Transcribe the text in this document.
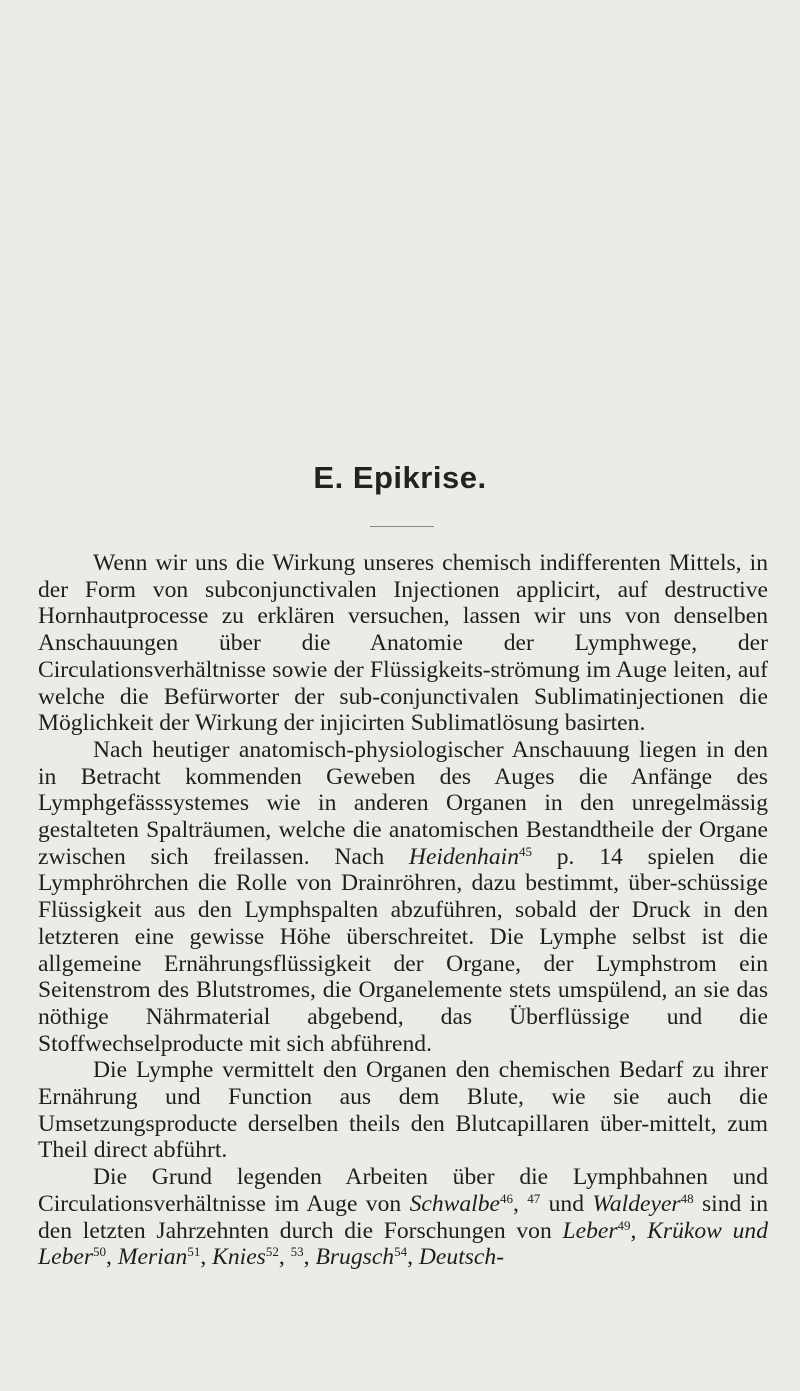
E. Epikrise.

Wenn wir uns die Wirkung unseres chemisch indifferenten Mittels, in der Form von subconjunctivalen Injectionen applicirt, auf destructive Hornhautprocesse zu erklären versuchen, lassen wir uns von denselben Anschauungen über die Anatomie der Lymphwege, der Circulationsverhältnisse sowie der Flüssigkeits-strömung im Auge leiten, auf welche die Befürworter der sub-conjunctivalen Sublimatinjectionen die Möglichkeit der Wirkung der injicirten Sublimatlösung basirten.

Nach heutiger anatomisch-physiologischer Anschauung liegen in den in Betracht kommenden Geweben des Auges die Anfänge des Lymphgefässsystemes wie in anderen Organen in den unregelmässig gestalteten Spalträumen, welche die anatomischen Bestandtheile der Organe zwischen sich freilassen. Nach Heidenhain$^{45}$ p. 14 spielen die Lymphröhrchen die Rolle von Drainröhren, dazu bestimmt, über-schüssige Flüssigkeit aus den Lymphspalten abzuführen, sobald der Druck in den letzteren eine gewisse Höhe überschreitet. Die Lymphe selbst ist die allgemeine Ernährungsflüssigkeit der Organe, der Lymphstrom ein Seitenstrom des Blutstromes, die Organelemente stets umspülend, an sie das nöthige Nährmaterial abgebend, das Überflüssige und die Stoffwechselproducte mit sich abführend.

Die Lymphe vermittelt den Organen den chemischen Bedarf zu ihrer Ernährung und Function aus dem Blute, wie sie auch die Umsetzungsproducte derselben theils den Blutcapillaren über-mittelt, zum Theil direct abführt.

Die Grund legenden Arbeiten über die Lymphbahnen und Circulationsverhältnisse im Auge von Schwalbe$^{46}$, $^{47}$ und Waldeyer$^{48}$ sind in den letzten Jahrzehnten durch die Forschungen von Leber$^{49}$, Krükow und Leber$^{50}$, Merian$^{51}$, Knies$^{52}$, $^{53}$, Brugsch$^{54}$, Deutsch-
